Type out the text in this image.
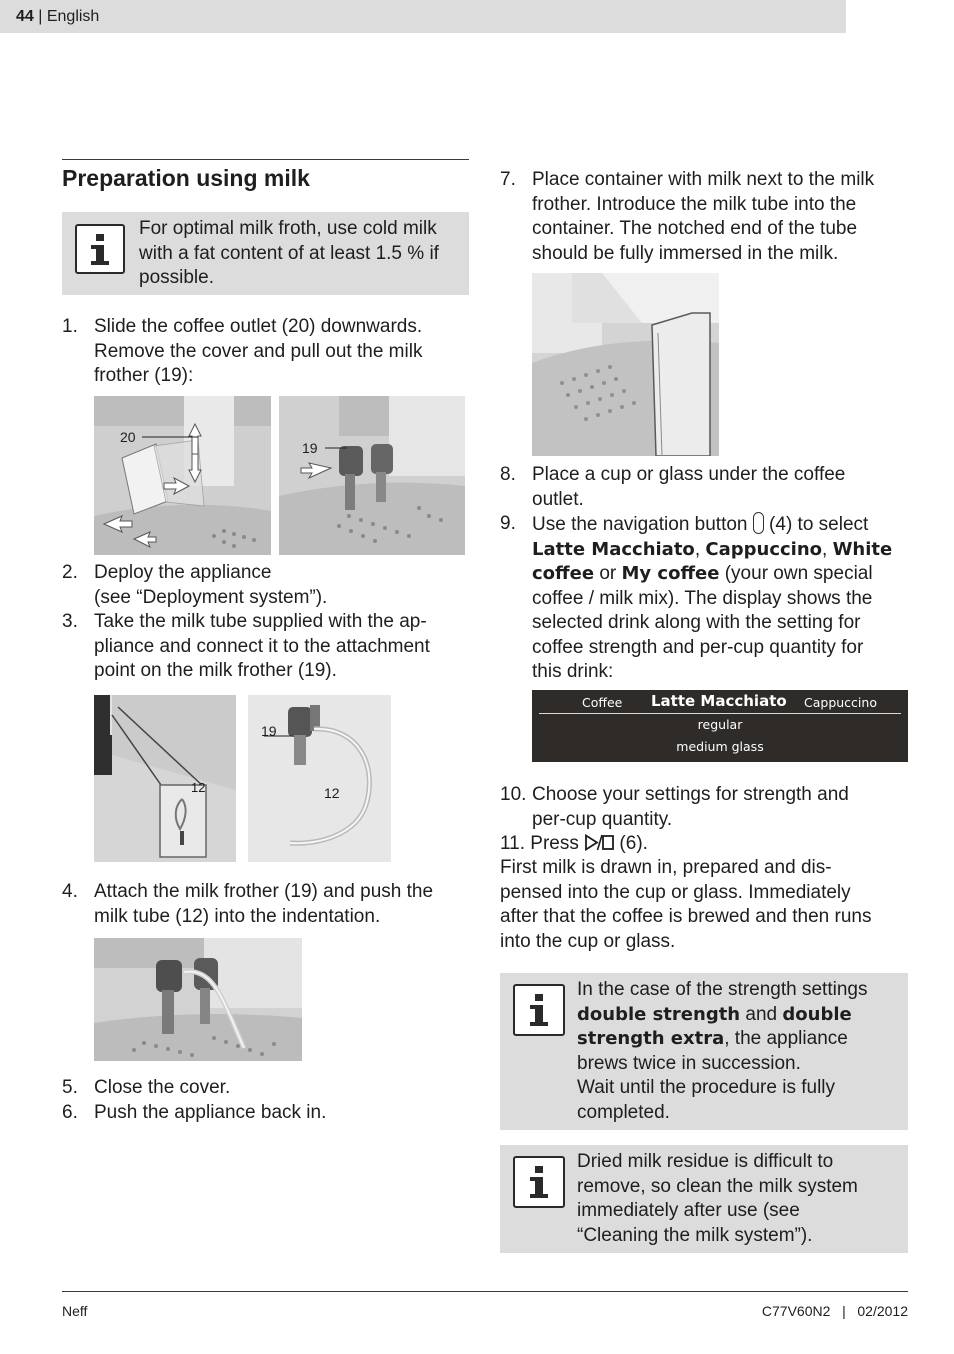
44 | English
Preparation using milk
For optimal milk froth, use cold milk
with a fat content of at least 1.5 % if
possible.
1. Slide the coffee outlet (20) downwards.
Remove the cover and pull out the milk
frother (19):
20
19
2. Deploy the appliance
(see “Deployment system”).
3. Take the milk tube supplied with the ap-
pliance and connect it to the attachment
point on the milk frother (19).
12
19
12
4. Attach the milk frother (19) and push the
milk tube (12) into the indentation.
5. Close the cover.
6. Push the appliance back in.
7. Place container with milk next to the milk
frother. Introduce the milk tube into the
container. The notched end of the tube
should be fully immersed in the milk.
8. Place a cup or glass under the coffee
outlet.
9. Use the navigation button  (4) to select
Latte Macchiato, Cappuccino, White
coffee or My coffee (your own special
coffee / milk mix). The display shows the
selected drink along with the setting for
coffee strength and per-cup quantity for
this drink:
Coffee Latte Macchiato Cappuccino
regular
medium glass
10. Choose your settings for strength and
per-cup quantity.
11. Press  (6).
First milk is drawn in, prepared and dis-
pensed into the cup or glass. Immediately
after that the coffee is brewed and then runs
into the cup or glass.
In the case of the strength settings
double strength and double
strength extra, the appliance
brews twice in succession.
Wait until the procedure is fully
completed.
Dried milk residue is difficult to
remove, so clean the milk system
immediately after use (see
“Cleaning the milk system”).
Neff	C77V60N2   |   02/2012
